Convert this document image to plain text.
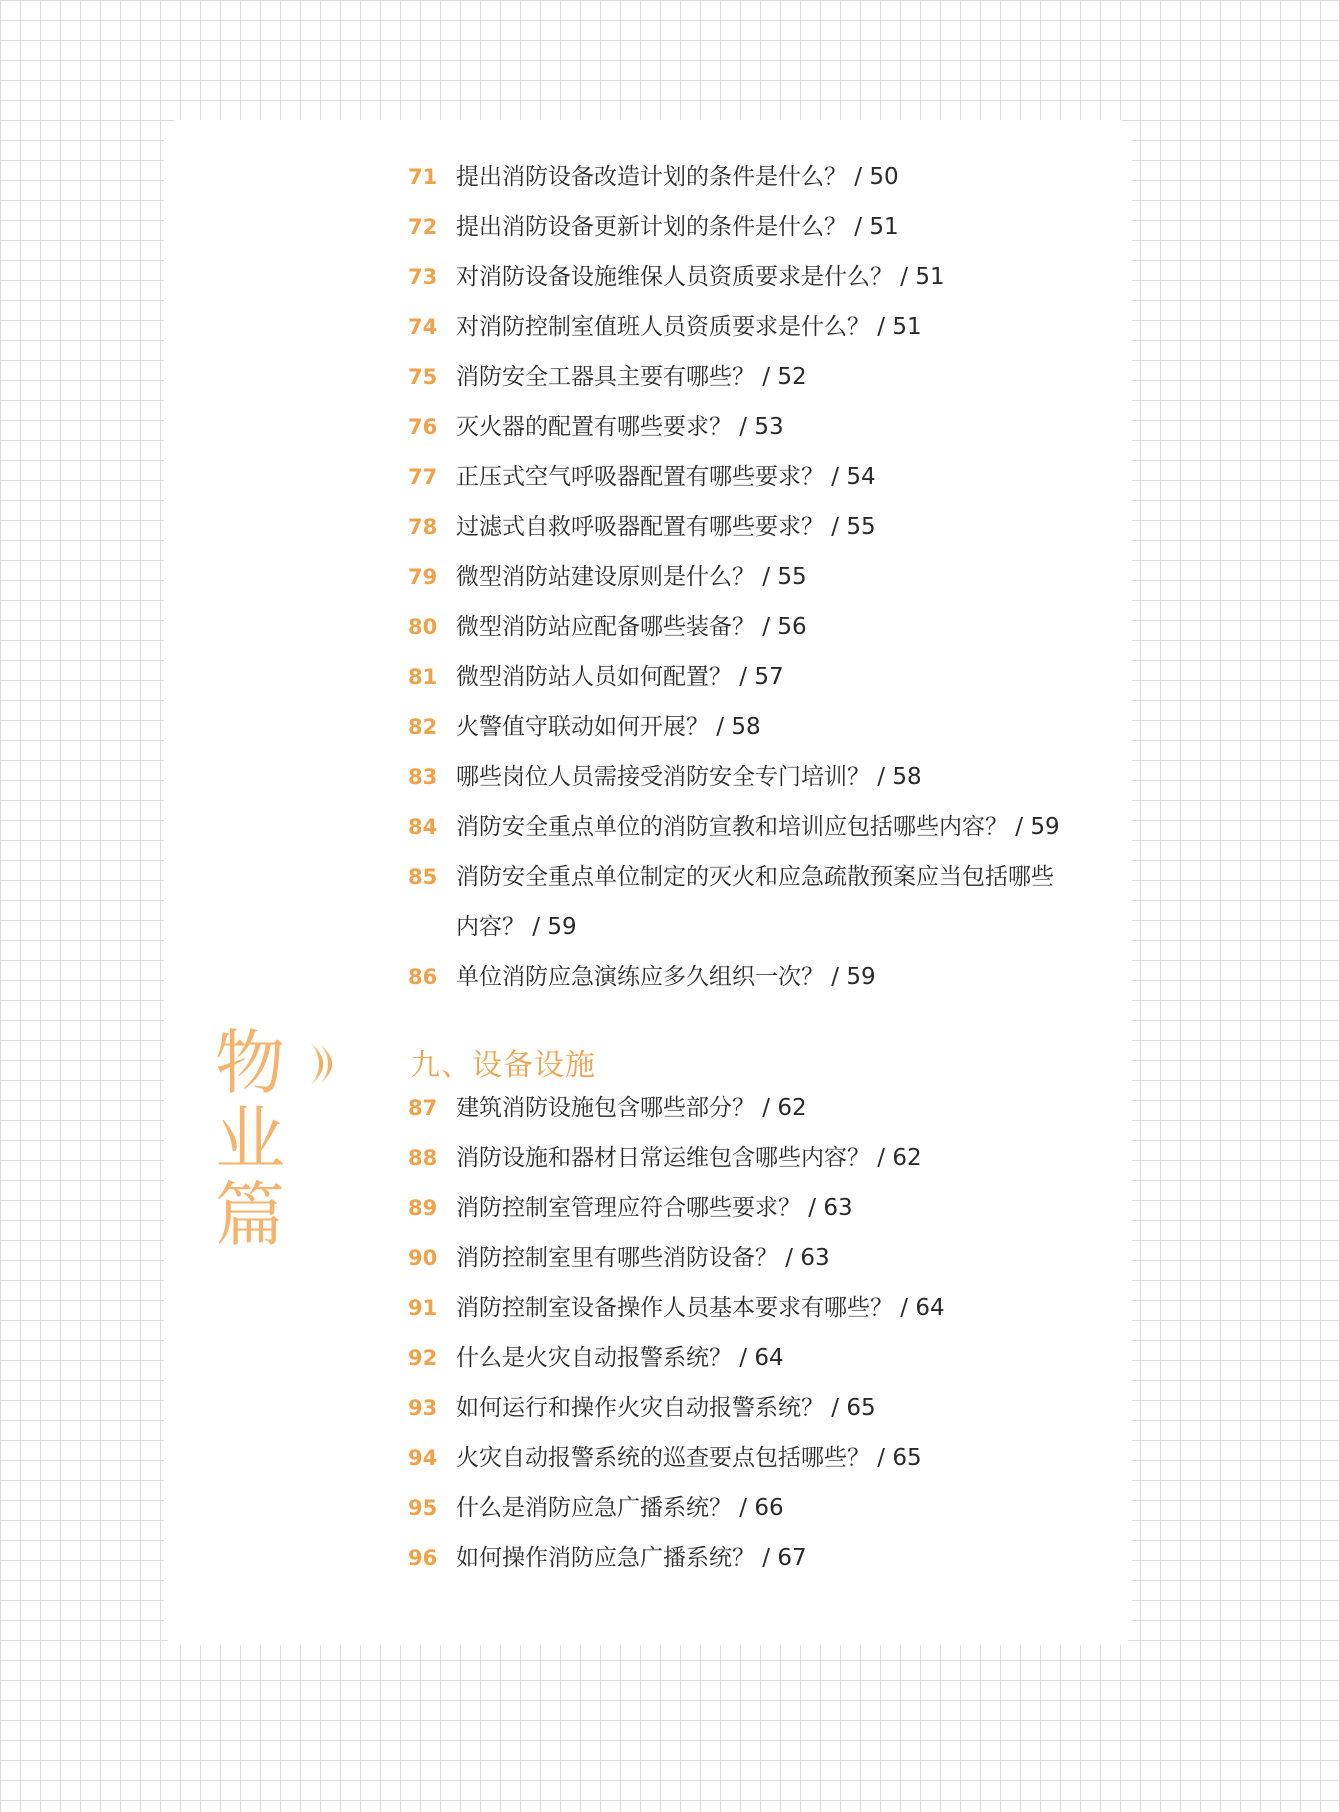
物
业
篇
71 提出消防设备改造计划的条件是什么？ / 50
72 提出消防设备更新计划的条件是什么？ / 51
73 对消防设备设施维保人员资质要求是什么？ / 51
74 对消防控制室值班人员资质要求是什么？ / 51
75 消防安全工器具主要有哪些？ / 52
76 灭火器的配置有哪些要求？ / 53
77 正压式空气呼吸器配置有哪些要求？ / 54
78 过滤式自救呼吸器配置有哪些要求？ / 55
79 微型消防站建设原则是什么？ / 55
80 微型消防站应配备哪些装备？ / 56
81 微型消防站人员如何配置？ / 57
82 火警值守联动如何开展？ / 58
83 哪些岗位人员需接受消防安全专门培训？ / 58
84 消防安全重点单位的消防宣教和培训应包括哪些内容？ / 59
85 消防安全重点单位制定的灭火和应急疏散预案应当包括哪些
内容？ / 59
86 单位消防应急演练应多久组织一次？ / 59
九、设备设施
87 建筑消防设施包含哪些部分？ / 62
88 消防设施和器材日常运维包含哪些内容？ / 62
89 消防控制室管理应符合哪些要求？ / 63
90 消防控制室里有哪些消防设备？ / 63
91 消防控制室设备操作人员基本要求有哪些？ / 64
92 什么是火灾自动报警系统？ / 64
93 如何运行和操作火灾自动报警系统？ / 65
94 火灾自动报警系统的巡查要点包括哪些？ / 65
95 什么是消防应急广播系统？ / 66
96 如何操作消防应急广播系统？ / 67
